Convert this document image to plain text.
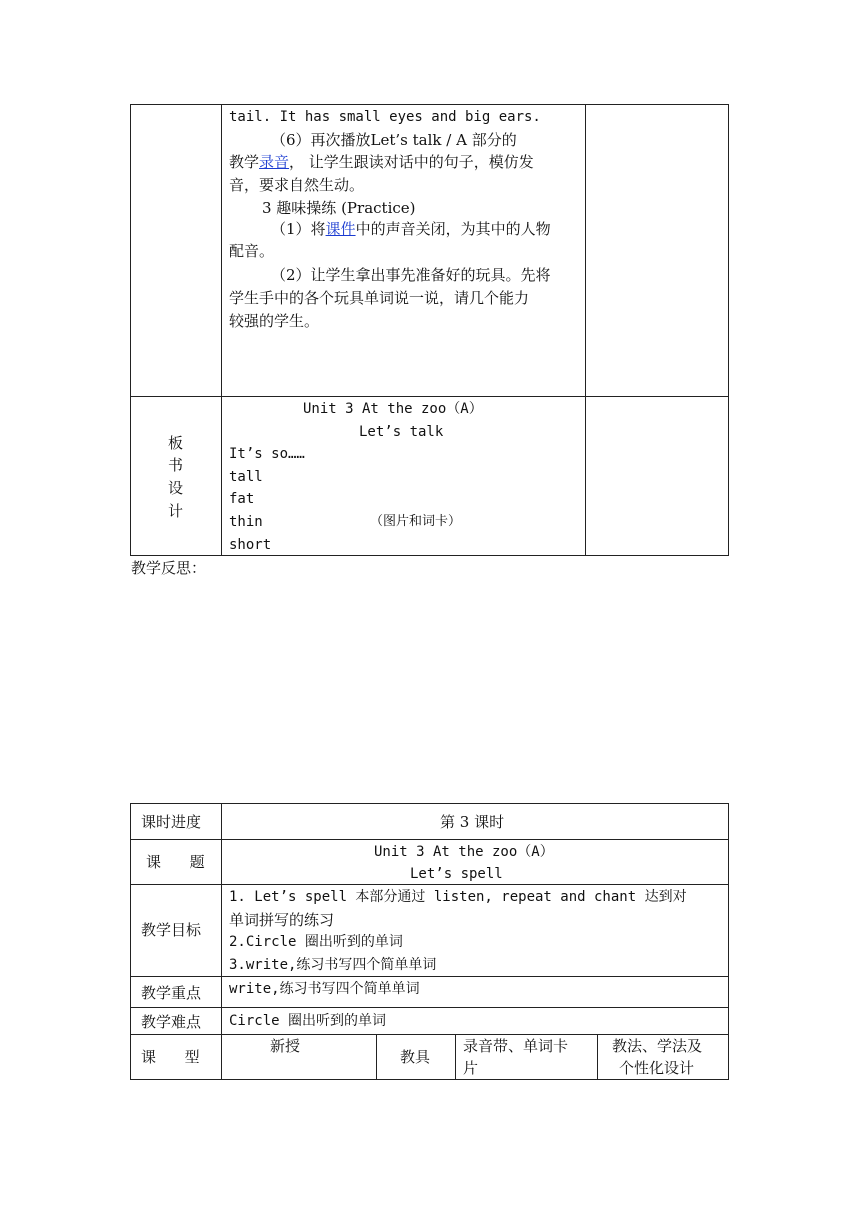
tail. It has small eyes and big ears.
（6）再次播放Let’s talk / A 部分的
教学录音， 让学生跟读对话中的句子，模仿发
音，要求自然生动。
3 趣味操练 (Practice)
（1）将课件中的声音关闭，为其中的人物
配音。
（2）让学生拿出事先准备好的玩具。先将
学生手中的各个玩具单词说一说，请几个能力
较强的学生。
板
书
设
计
Unit 3 At the zoo（A）
Let’s talk
It’s so……
tall
fat
thin	（图片和词卡）
short
教学反思：
课时进度	第 3 课时
课      题
Unit 3 At the zoo（A）
Let’s spell
教学目标
1. Let’s spell 本部分通过 listen, repeat and chant 达到对
单词拼写的练习
2.Circle 圈出听到的单词
3.write,练习书写四个简单单词
教学重点 write,练习书写四个简单单词
教学难点 Circle 圈出听到的单词
课      型
新授
教具
录音带、单词卡
片
教法、学法及
个性化设计
